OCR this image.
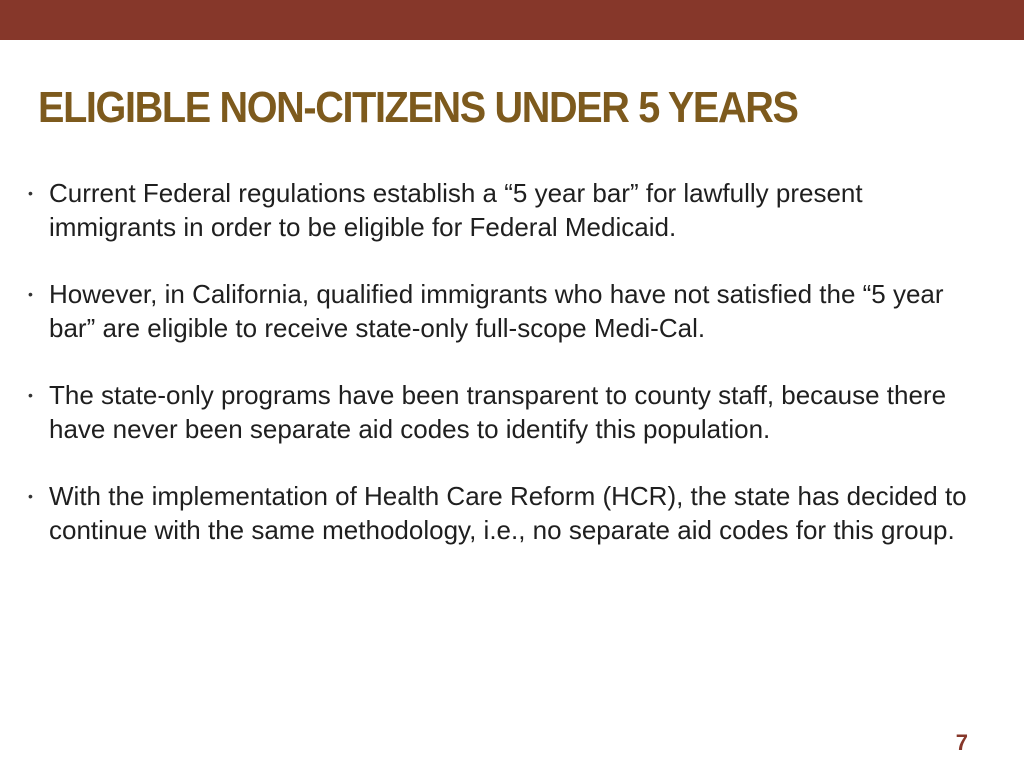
ELIGIBLE NON-CITIZENS UNDER 5 YEARS
• Current Federal regulations establish a “5 year bar” for lawfully present immigrants in order to be eligible for Federal Medicaid.
• However, in California, qualified immigrants who have not satisfied the “5 year bar” are eligible to receive state-only full-scope Medi-Cal.
• The state-only programs have been transparent to county staff, because there have never been separate aid codes to identify this population.
• With the implementation of Health Care Reform (HCR), the state has decided to continue with the same methodology, i.e., no separate aid codes for this group.
7
